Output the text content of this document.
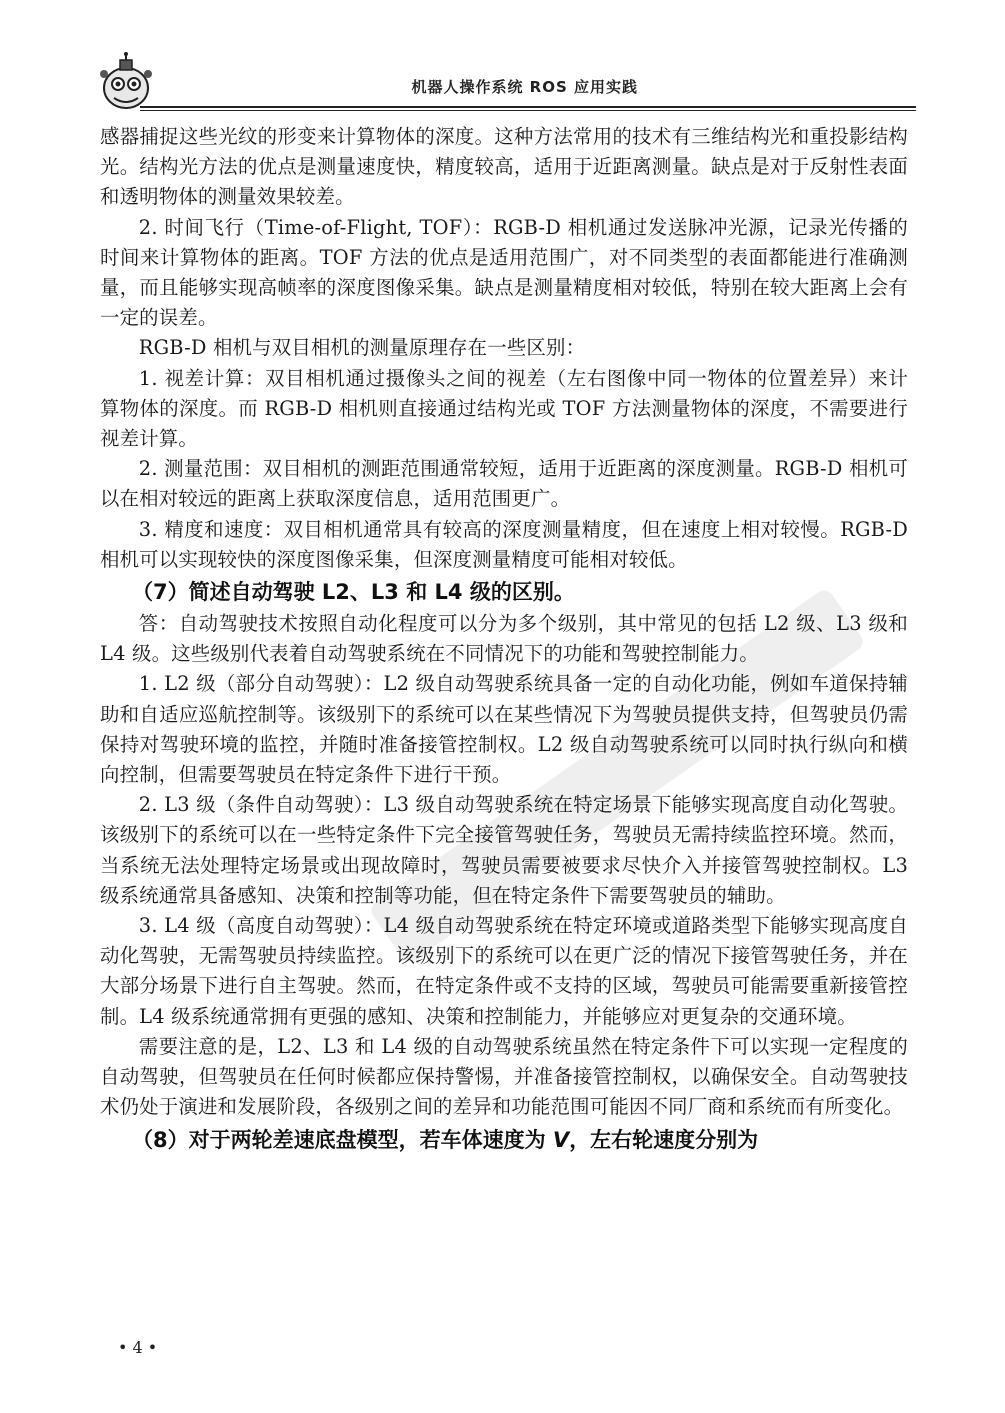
机器人操作系统 ROS 应用实践

感器捕捉这些光纹的形变来计算物体的深度。这种方法常用的技术有三维结构光和重投影结构光。结构光方法的优点是测量速度快，精度较高，适用于近距离测量。缺点是对于反射性表面和透明物体的测量效果较差。

2. 时间飞行（Time-of-Flight, TOF）：RGB-D 相机通过发送脉冲光源，记录光传播的时间来计算物体的距离。TOF 方法的优点是适用范围广，对不同类型的表面都能进行准确测量，而且能够实现高帧率的深度图像采集。缺点是测量精度相对较低，特别在较大距离上会有一定的误差。

RGB-D 相机与双目相机的测量原理存在一些区别：

1. 视差计算：双目相机通过摄像头之间的视差（左右图像中同一物体的位置差异）来计算物体的深度。而 RGB-D 相机则直接通过结构光或 TOF 方法测量物体的深度，不需要进行视差计算。

2. 测量范围：双目相机的测距范围通常较短，适用于近距离的深度测量。RGB-D 相机可以在相对较远的距离上获取深度信息，适用范围更广。

3. 精度和速度：双目相机通常具有较高的深度测量精度，但在速度上相对较慢。RGB-D 相机可以实现较快的深度图像采集，但深度测量精度可能相对较低。

（7）简述自动驾驶 L2、L3 和 L4 级的区别。

答：自动驾驶技术按照自动化程度可以分为多个级别，其中常见的包括 L2 级、L3 级和 L4 级。这些级别代表着自动驾驶系统在不同情况下的功能和驾驶控制能力。

1. L2 级（部分自动驾驶）：L2 级自动驾驶系统具备一定的自动化功能，例如车道保持辅助和自适应巡航控制等。该级别下的系统可以在某些情况下为驾驶员提供支持，但驾驶员仍需保持对驾驶环境的监控，并随时准备接管控制权。L2 级自动驾驶系统可以同时执行纵向和横向控制，但需要驾驶员在特定条件下进行干预。

2. L3 级（条件自动驾驶）：L3 级自动驾驶系统在特定场景下能够实现高度自动化驾驶。该级别下的系统可以在一些特定条件下完全接管驾驶任务，驾驶员无需持续监控环境。然而，当系统无法处理特定场景或出现故障时，驾驶员需要被要求尽快介入并接管驾驶控制权。L3 级系统通常具备感知、决策和控制等功能，但在特定条件下需要驾驶员的辅助。

3. L4 级（高度自动驾驶）：L4 级自动驾驶系统在特定环境或道路类型下能够实现高度自动化驾驶，无需驾驶员持续监控。该级别下的系统可以在更广泛的情况下接管驾驶任务，并在大部分场景下进行自主驾驶。然而，在特定条件或不支持的区域，驾驶员可能需要重新接管控制。L4 级系统通常拥有更强的感知、决策和控制能力，并能够应对更复杂的交通环境。

需要注意的是，L2、L3 和 L4 级的自动驾驶系统虽然在特定条件下可以实现一定程度的自动驾驶，但驾驶员在任何时候都应保持警惕，并准备接管控制权，以确保安全。自动驾驶技术仍处于演进和发展阶段，各级别之间的差异和功能范围可能因不同厂商和系统而有所变化。

（8）对于两轮差速底盘模型，若车体速度为 V，左右轮速度分别为
• 4 •
